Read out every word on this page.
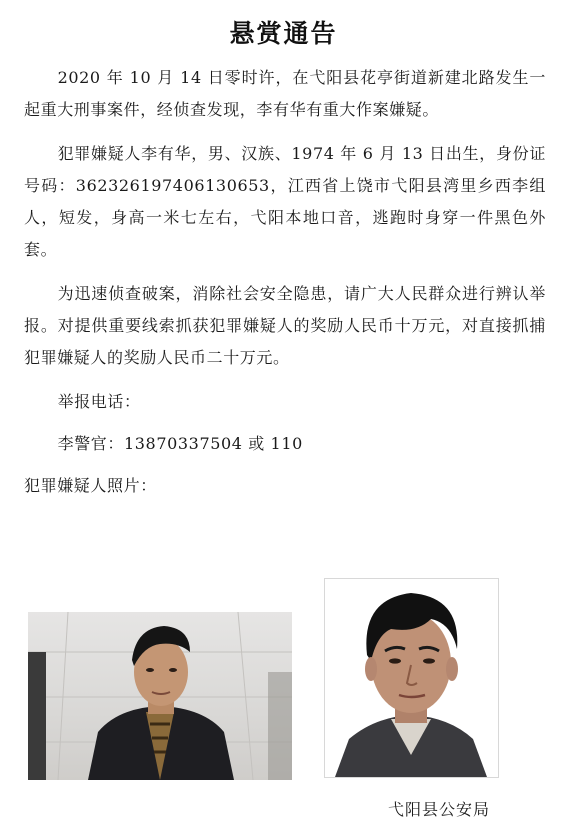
悬赏通告

2020 年 10 月 14 日零时许，在弋阳县花亭街道新建北路发生一起重大刑事案件，经侦查发现，李有华有重大作案嫌疑。

犯罪嫌疑人李有华，男、汉族、1974 年 6 月 13 日出生，身份证号码：362326197406130653，江西省上饶市弋阳县湾里乡西李组人，短发，身高一米七左右，弋阳本地口音，逃跑时身穿一件黑色外套。

为迅速侦查破案，消除社会安全隐患，请广大人民群众进行辨认举报。对提供重要线索抓获犯罪嫌疑人的奖励人民币十万元，对直接抓捕犯罪嫌疑人的奖励人民币二十万元。

举报电话：

李警官：13870337504 或 110

犯罪嫌疑人照片：

弋阳县公安局
